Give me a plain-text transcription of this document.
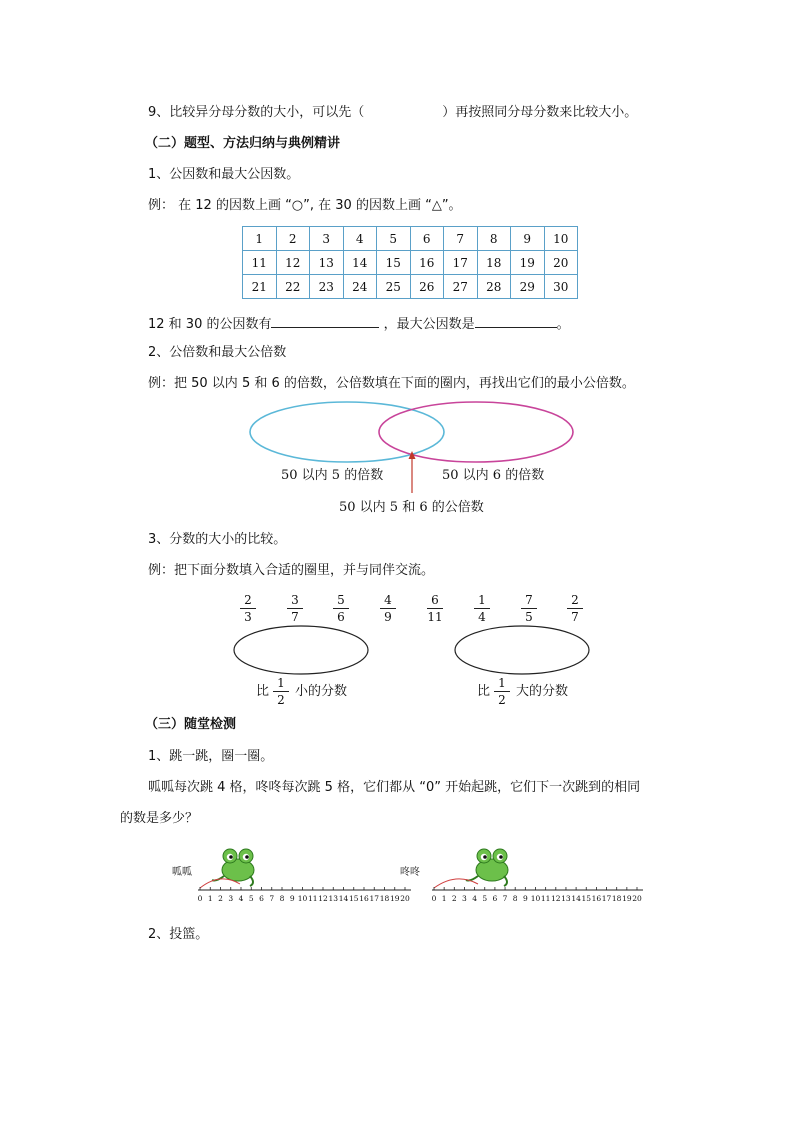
9、比较异分母分数的大小，可以先（	）再按照同分母分数来比较大小。
（二）题型、方法归纳与典例精讲
1、公因数和最大公因数。
例： 在 12 的因数上画 “○”, 在 30 的因数上画 “△”。
1	2	3	4	5	6	7	8	9	10
11	12	13	14	15	16	17	18	19	20
21	22	23	24	25	26	27	28	29	30
12 和 30 的公因数有	，最大公因数是	。
2、公倍数和最大公倍数
例：把 50 以内 5 和 6 的倍数，公倍数填在下面的圈内，再找出它们的最小公倍数。
50 以内 5 的倍数	50 以内 6 的倍数
50 以内 5 和 6 的公倍数
3、分数的大小的比较。
例：把下面分数填入合适的圈里，并与同伴交流。
2
3
3
7
5
6
4
9
6
11
1
4
7
5
2
7
比
1
2
小的分数	比
1
2
大的分数
（三）随堂检测
1、跳一跳，圈一圈。
呱呱每次跳 4 格，咚咚每次跳 5 格，它们都从 “0” 开始起跳，它们下一次跳到的相同
的数是多少？
呱呱	咚咚
0 1 2 3 4 5 6 7 8 9 10 11 12 13 14 15 16 17 18 19 20	0 1 2 3 4 5 6 7 8 9 10 11 12 13 14 15 16 17 18 19 20
2、投篮。
